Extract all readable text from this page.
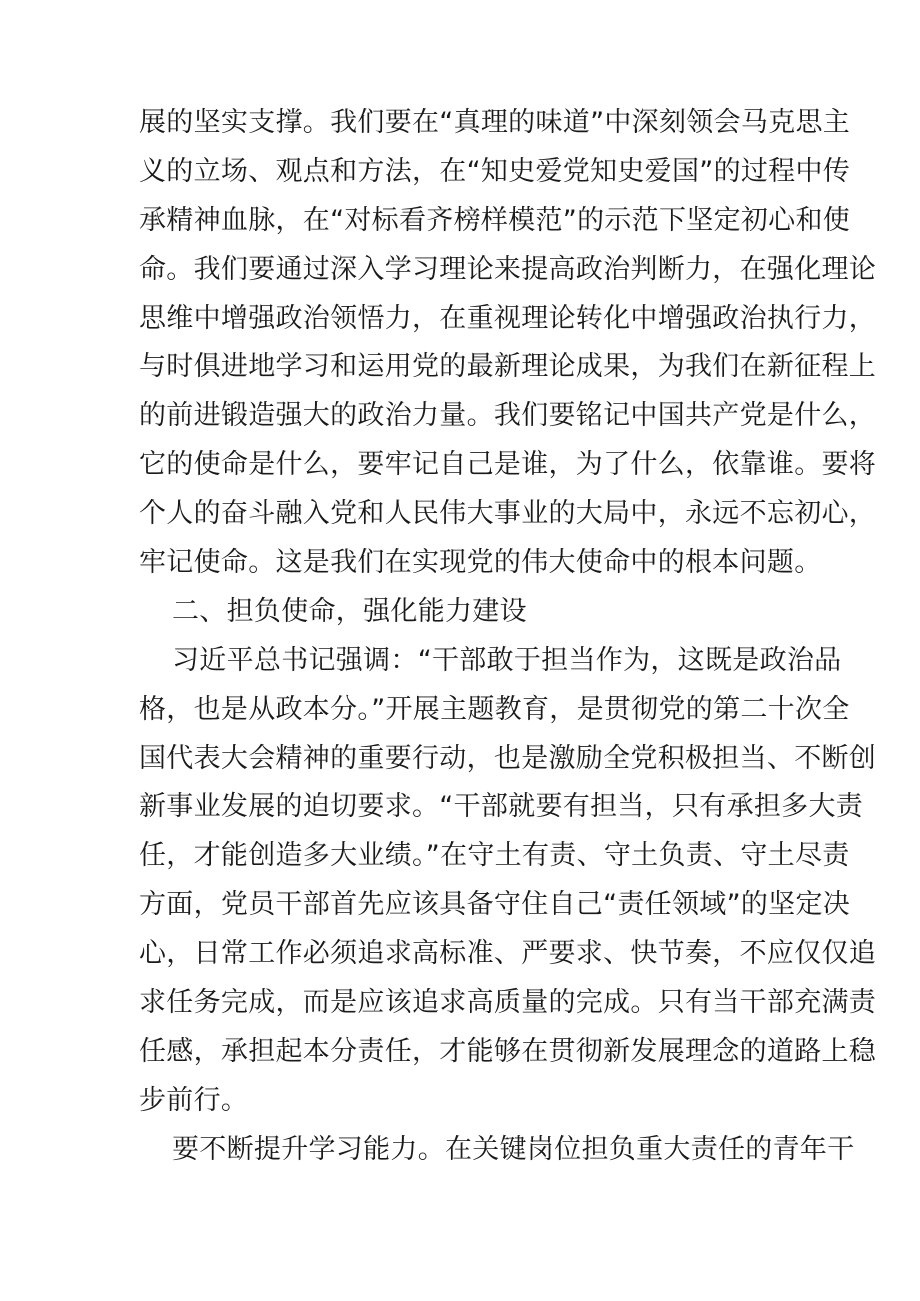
展的坚实支撑。我们要在“真理的味道”中深刻领会马克思主
义的立场、观点和方法，在“知史爱党知史爱国”的过程中传
承精神血脉，在“对标看齐榜样模范”的示范下坚定初心和使
命。我们要通过深入学习理论来提高政治判断力，在强化理论
思维中增强政治领悟力，在重视理论转化中增强政治执行力，
与时俱进地学习和运用党的最新理论成果，为我们在新征程上
的前进锻造强大的政治力量。我们要铭记中国共产党是什么，
它的使命是什么，要牢记自己是谁，为了什么，依靠谁。要将
个人的奋斗融入党和人民伟大事业的大局中，永远不忘初心，
牢记使命。这是我们在实现党的伟大使命中的根本问题。
二、担负使命，强化能力建设
习近平总书记强调：“干部敢于担当作为，这既是政治品
格，也是从政本分。”开展主题教育，是贯彻党的第二十次全
国代表大会精神的重要行动，也是激励全党积极担当、不断创
新事业发展的迫切要求。“干部就要有担当，只有承担多大责
任，才能创造多大业绩。”在守土有责、守土负责、守土尽责
方面，党员干部首先应该具备守住自己“责任领域”的坚定决
心，日常工作必须追求高标准、严要求、快节奏，不应仅仅追
求任务完成，而是应该追求高质量的完成。只有当干部充满责
任感，承担起本分责任，才能够在贯彻新发展理念的道路上稳
步前行。
要不断提升学习能力。在关键岗位担负重大责任的青年干
